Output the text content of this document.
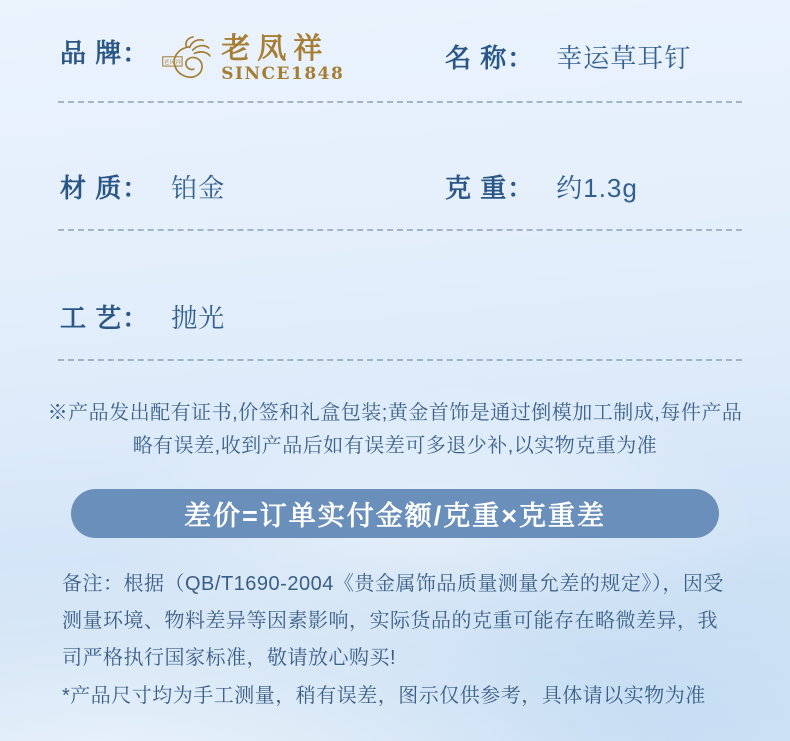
品 牌： 老凤祥 老凤祥
SINCE1848
名 称： 幸运草耳钉
材 质： 铂金	克 重： 约1.3g
工 艺： 抛光
※产品发出配有证书,价签和礼盒包装;黄金首饰是通过倒模加工制成,每件产品略有误差,收到产品后如有误差可多退少补,以实物克重为准
差价=订单实付金额/克重×克重差
备注：根据（QB/T1690-2004《贵金属饰品质量测量允差的规定》），因受测量环境、物料差异等因素影响，实际货品的克重可能存在略微差异，我司严格执行国家标准，敬请放心购买!
*产品尺寸均为手工测量，稍有误差，图示仅供参考，具体请以实物为准
